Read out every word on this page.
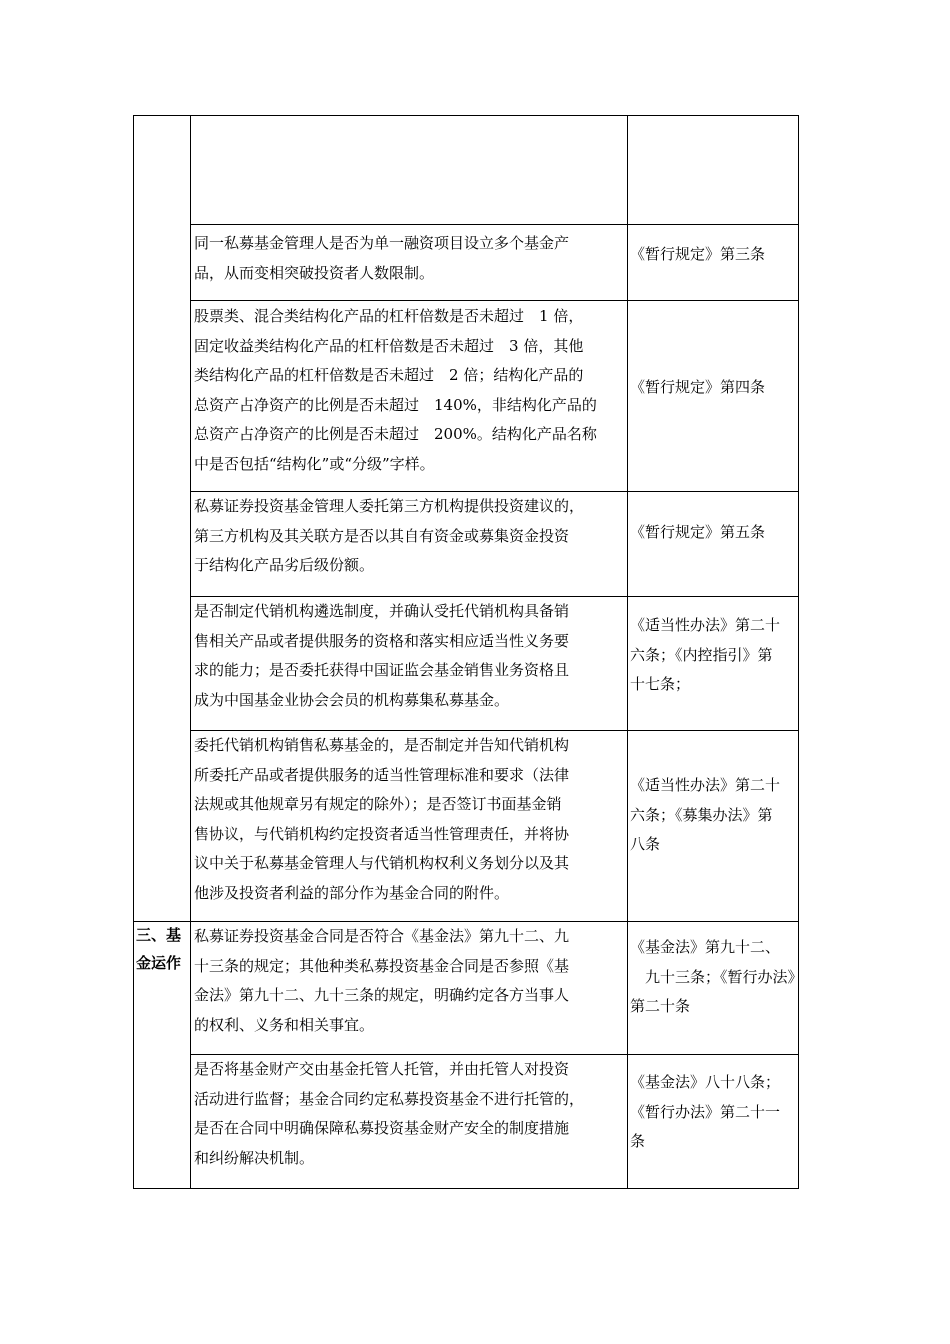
同一私募基金管理人是否为单一融资项目设立多个基金产
品，从而变相突破投资者人数限制。
《暂行规定》第三条
股票类、混合类结构化产品的杠杆倍数是否未超过　1 倍，
固定收益类结构化产品的杠杆倍数是否未超过　3 倍，其他
类结构化产品的杠杆倍数是否未超过　2 倍；结构化产品的
总资产占净资产的比例是否未超过　140%，非结构化产品的
总资产占净资产的比例是否未超过　200%。结构化产品名称
中是否包括“结构化”或“分级”字样。
《暂行规定》第四条
私募证券投资基金管理人委托第三方机构提供投资建议的，
第三方机构及其关联方是否以其自有资金或募集资金投资
于结构化产品劣后级份额。
《暂行规定》第五条
是否制定代销机构遴选制度，并确认受托代销机构具备销
售相关产品或者提供服务的资格和落实相应适当性义务要
求的能力；是否委托获得中国证监会基金销售业务资格且
成为中国基金业协会会员的机构募集私募基金。
《适当性办法》第二十
六条；《内控指引》第
十七条；
委托代销机构销售私募基金的，是否制定并告知代销机构
所委托产品或者提供服务的适当性管理标准和要求（法律
法规或其他规章另有规定的除外）；是否签订书面基金销
售协议，与代销机构约定投资者适当性管理责任，并将协
议中关于私募基金管理人与代销机构权利义务划分以及其
他涉及投资者利益的部分作为基金合同的附件。
《适当性办法》第二十
六条；《募集办法》第
八条
三、基
金运作
私募证券投资基金合同是否符合《基金法》第九十二、九
十三条的规定；其他种类私募投资基金合同是否参照《基
金法》第九十二、九十三条的规定，明确约定各方当事人
的权利、义务和相关事宜。
《基金法》第九十二、
　九十三条；《暂行办法》
第二十条
是否将基金财产交由基金托管人托管，并由托管人对投资
活动进行监督；基金合同约定私募投资基金不进行托管的，
是否在合同中明确保障私募投资基金财产安全的制度措施
和纠纷解决机制。
《基金法》八十八条；
《暂行办法》第二十一
条
